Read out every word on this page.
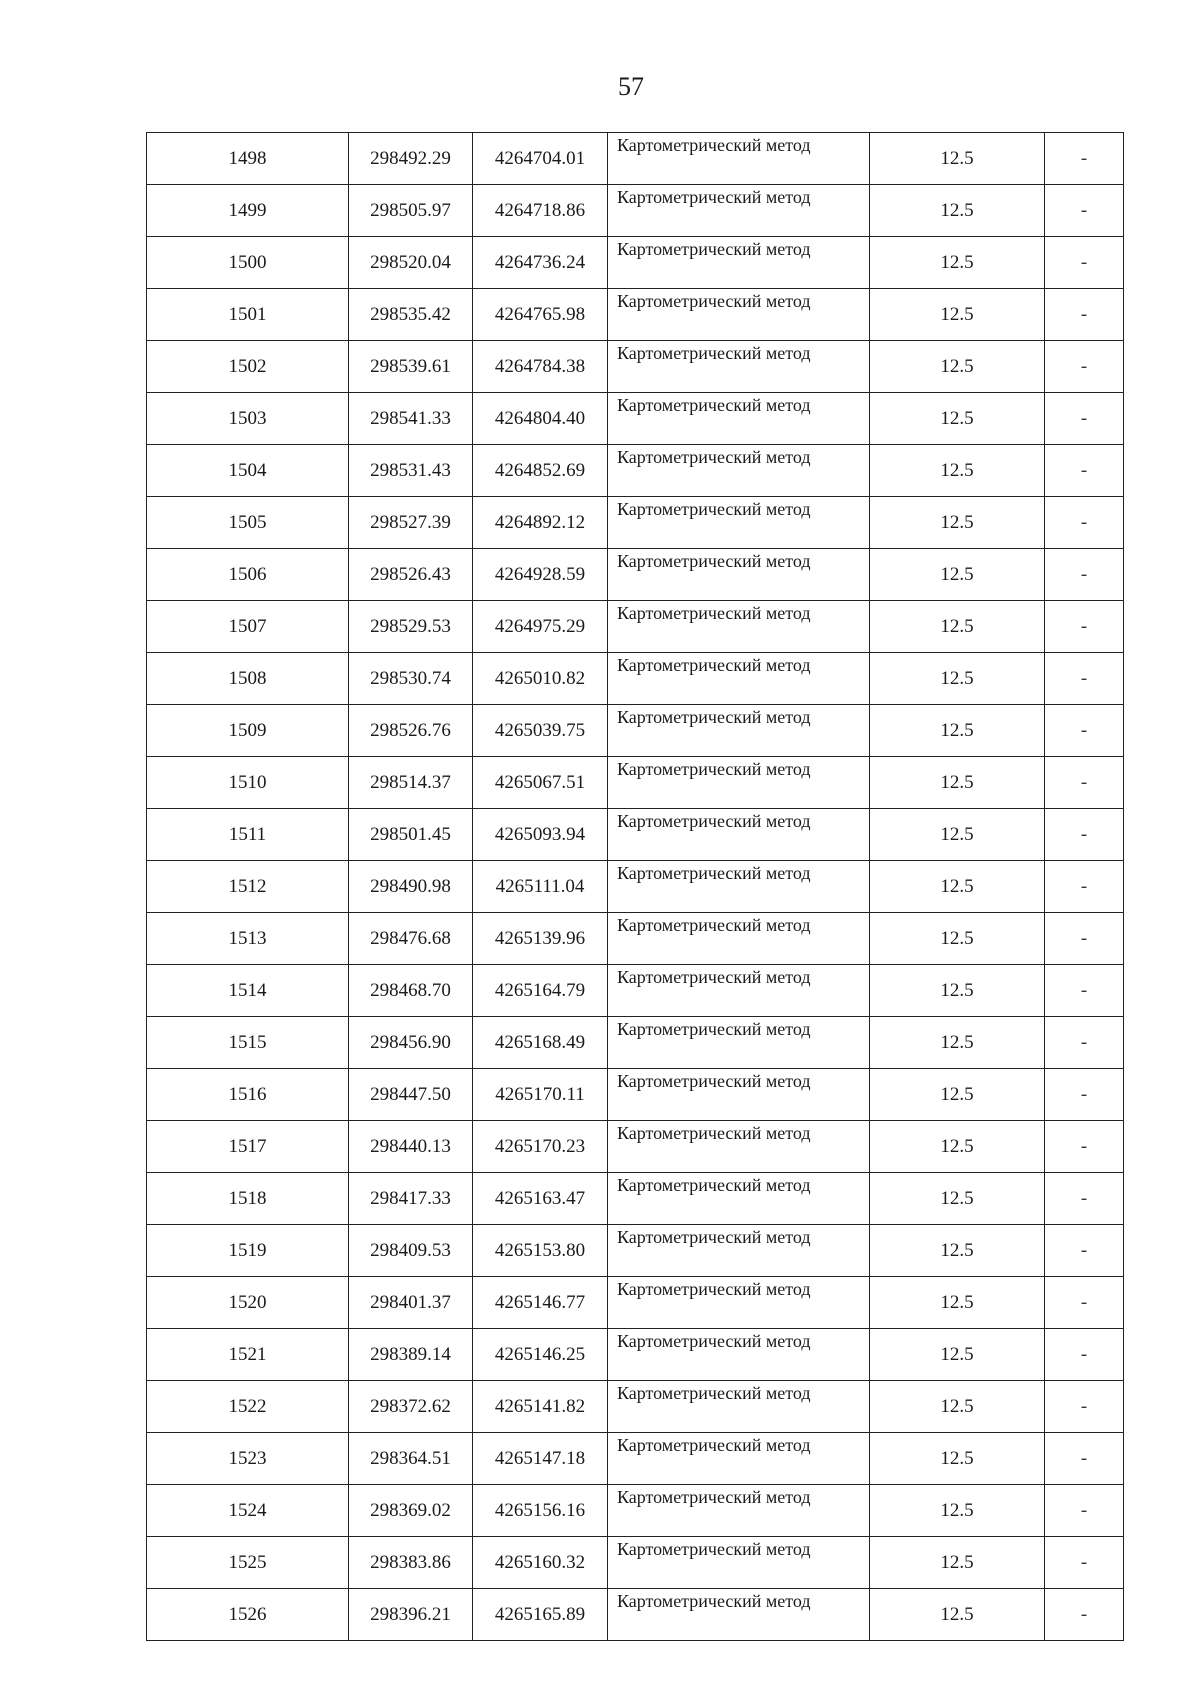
57
1498	298492.29	4264704.01	Картометрический метод	12.5	-
1499	298505.97	4264718.86	Картометрический метод	12.5	-
1500	298520.04	4264736.24	Картометрический метод	12.5	-
1501	298535.42	4264765.98	Картометрический метод	12.5	-
1502	298539.61	4264784.38	Картометрический метод	12.5	-
1503	298541.33	4264804.40	Картометрический метод	12.5	-
1504	298531.43	4264852.69	Картометрический метод	12.5	-
1505	298527.39	4264892.12	Картометрический метод	12.5	-
1506	298526.43	4264928.59	Картометрический метод	12.5	-
1507	298529.53	4264975.29	Картометрический метод	12.5	-
1508	298530.74	4265010.82	Картометрический метод	12.5	-
1509	298526.76	4265039.75	Картометрический метод	12.5	-
1510	298514.37	4265067.51	Картометрический метод	12.5	-
1511	298501.45	4265093.94	Картометрический метод	12.5	-
1512	298490.98	4265111.04	Картометрический метод	12.5	-
1513	298476.68	4265139.96	Картометрический метод	12.5	-
1514	298468.70	4265164.79	Картометрический метод	12.5	-
1515	298456.90	4265168.49	Картометрический метод	12.5	-
1516	298447.50	4265170.11	Картометрический метод	12.5	-
1517	298440.13	4265170.23	Картометрический метод	12.5	-
1518	298417.33	4265163.47	Картометрический метод	12.5	-
1519	298409.53	4265153.80	Картометрический метод	12.5	-
1520	298401.37	4265146.77	Картометрический метод	12.5	-
1521	298389.14	4265146.25	Картометрический метод	12.5	-
1522	298372.62	4265141.82	Картометрический метод	12.5	-
1523	298364.51	4265147.18	Картометрический метод	12.5	-
1524	298369.02	4265156.16	Картометрический метод	12.5	-
1525	298383.86	4265160.32	Картометрический метод	12.5	-
1526	298396.21	4265165.89	Картометрический метод	12.5	-
